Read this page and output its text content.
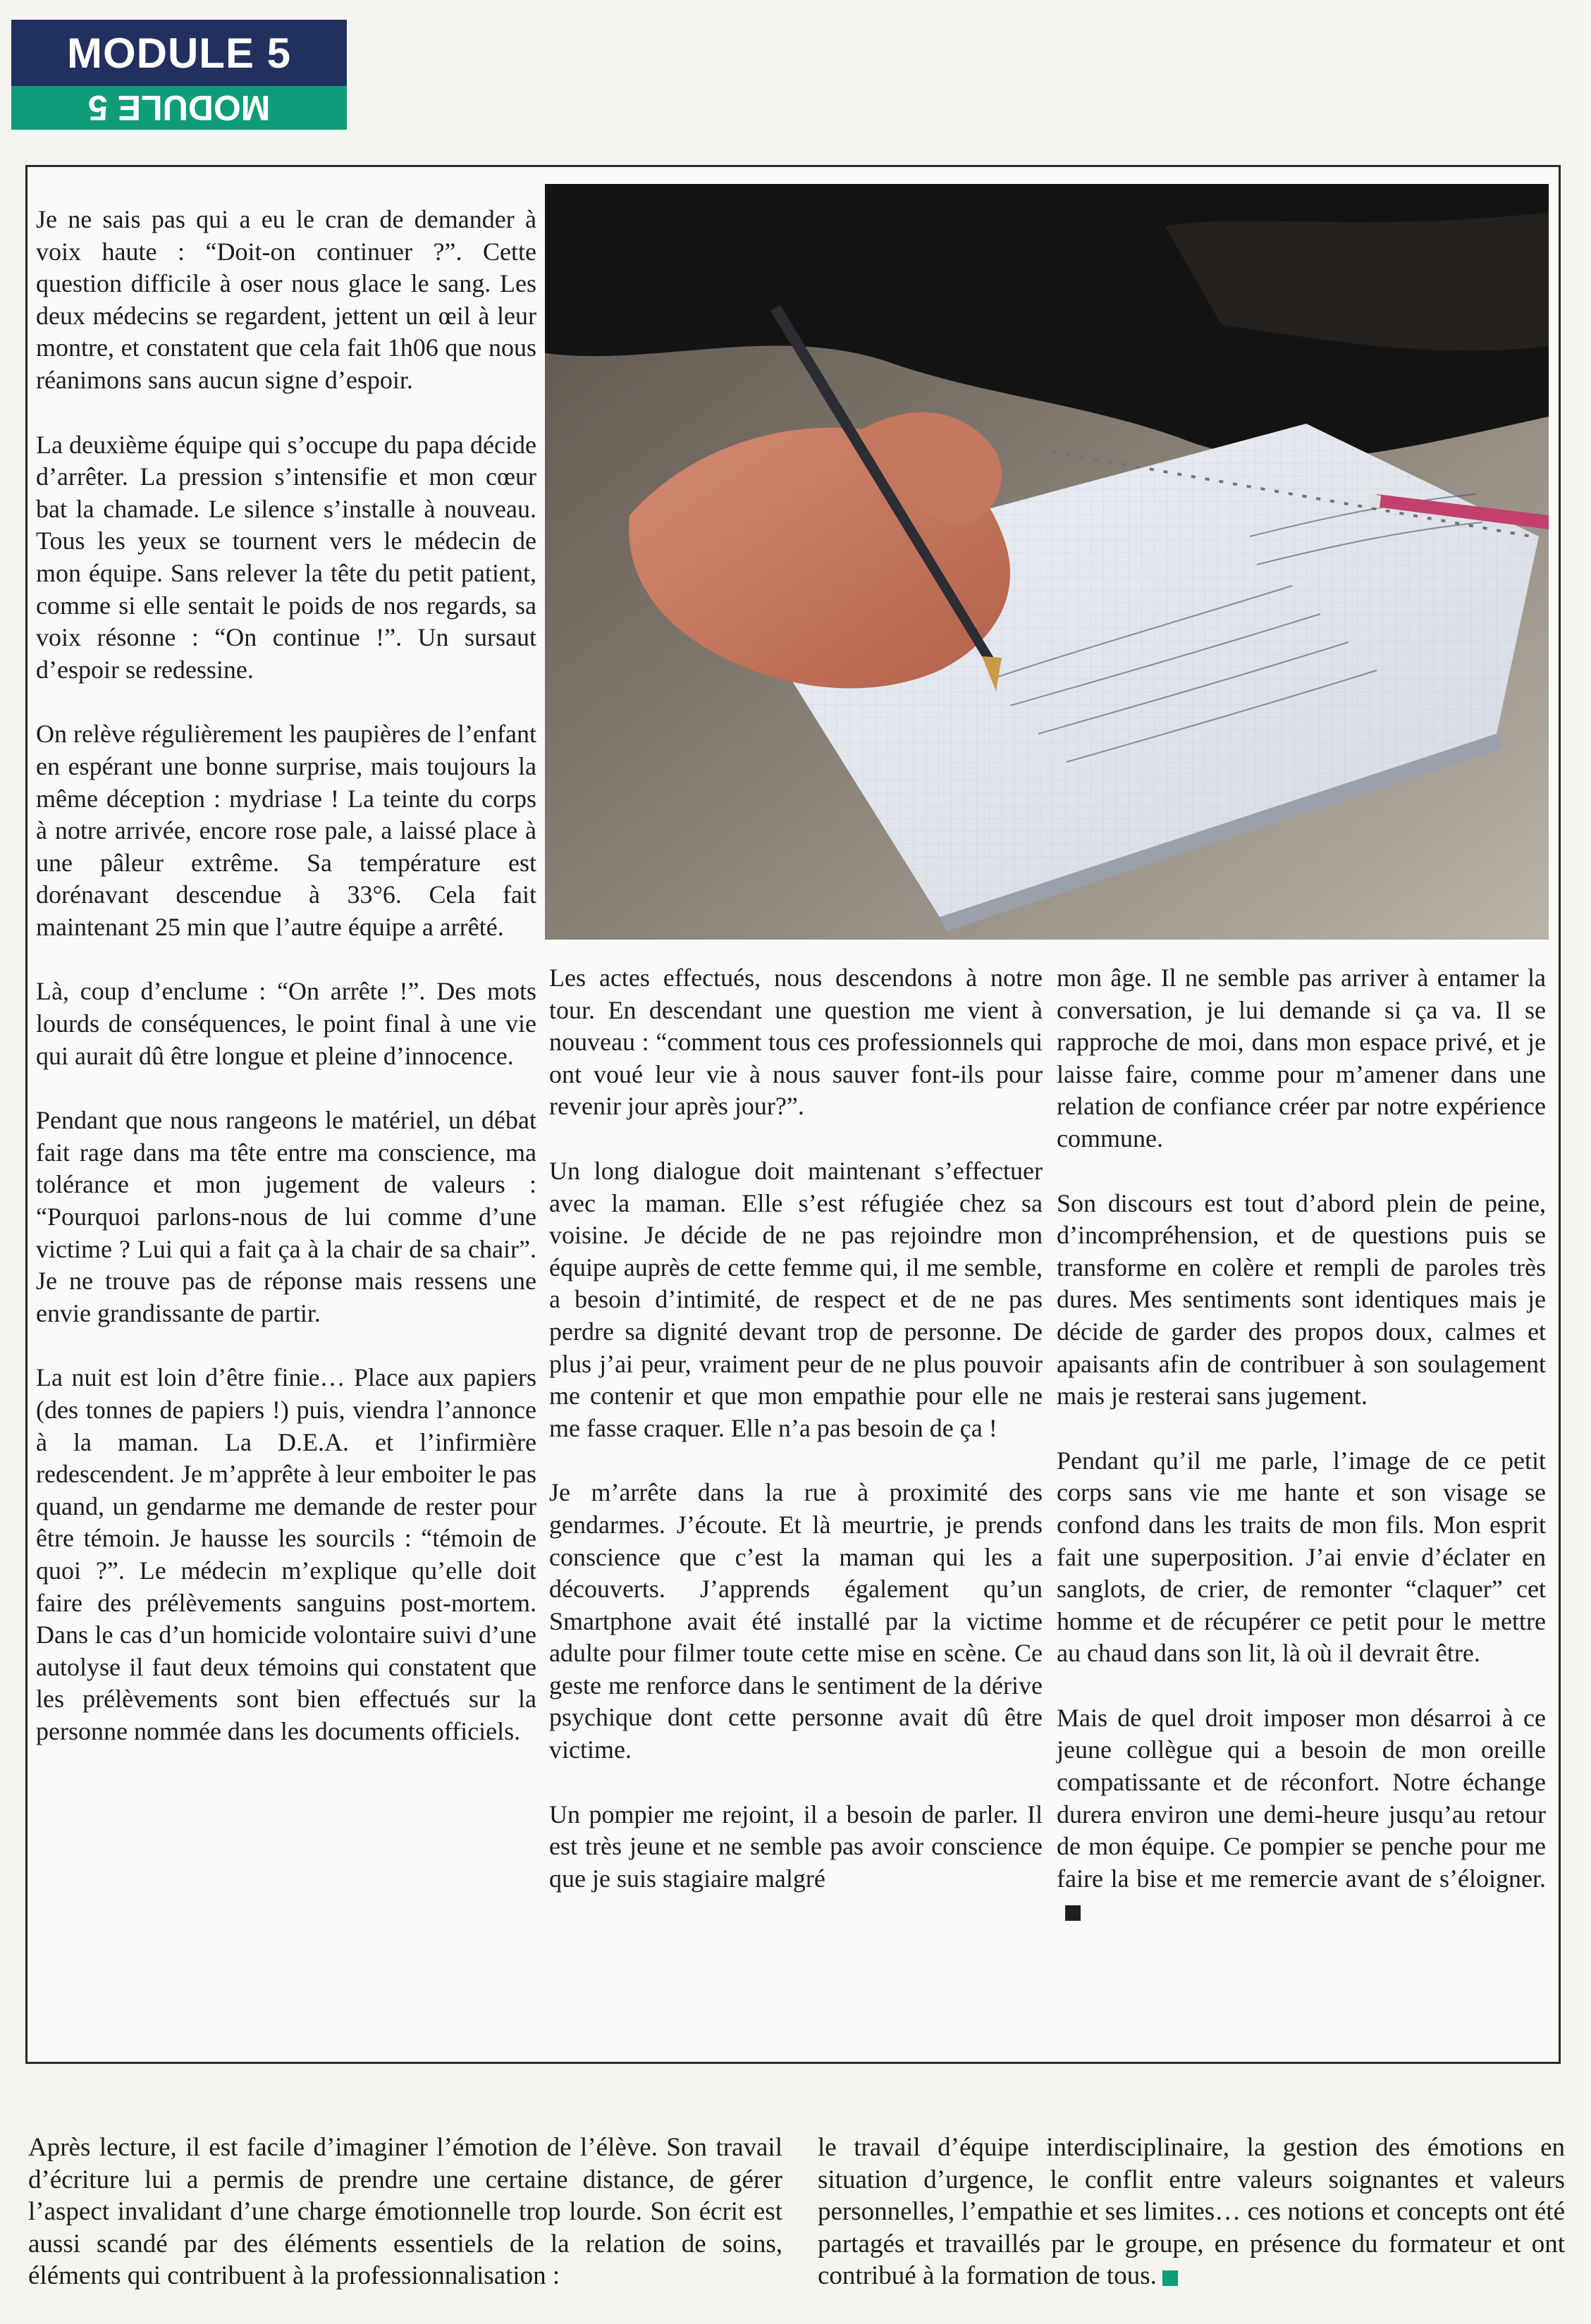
MODULE 5
MODULE 5

Je ne sais pas qui a eu le cran de demander à voix haute : “Doit-on continuer ?”. Cette question difficile à oser nous glace le sang. Les deux médecins se regardent, jettent un œil à leur montre, et constatent que cela fait 1h06 que nous réanimons sans aucun signe d’espoir.

La deuxième équipe qui s’occupe du papa décide d’arrêter. La pression s’intensifie et mon cœur bat la chamade. Le silence s’installe à nouveau. Tous les yeux se tournent vers le médecin de mon équipe. Sans relever la tête du petit patient, comme si elle sentait le poids de nos regards, sa voix résonne : “On continue !”. Un sursaut d’espoir se redessine.

On relève régulièrement les paupières de l’enfant en espérant une bonne surprise, mais toujours la même déception : mydriase ! La teinte du corps à notre arrivée, encore rose pale, a laissé place à une pâleur extrême. Sa température est dorénavant descendue à 33°6. Cela fait maintenant 25 min que l’autre équipe a arrêté.

Là, coup d’enclume : “On arrête !”. Des mots lourds de conséquences, le point final à une vie qui aurait dû être longue et pleine d’innocence.

Pendant que nous rangeons le matériel, un débat fait rage dans ma tête entre ma conscience, ma tolérance et mon jugement de valeurs : “Pourquoi parlons-nous de lui comme d’une victime ? Lui qui a fait ça à la chair de sa chair”. Je ne trouve pas de réponse mais ressens une envie grandissante de partir.

La nuit est loin d’être finie… Place aux papiers (des tonnes de papiers !) puis, viendra l’annonce à la maman. La D.E.A. et l’infirmière redescendent. Je m’apprête à leur emboiter le pas quand, un gendarme me demande de rester pour être témoin. Je hausse les sourcils : “témoin de quoi ?”. Le médecin m’explique qu’elle doit faire des prélèvements sanguins post-mortem. Dans le cas d’un homicide volontaire suivi d’une autolyse il faut deux témoins qui constatent que les prélèvements sont bien effectués sur la personne nommée dans les documents officiels.

Les actes effectués, nous descendons à notre tour. En descendant une question me vient à nouveau : “comment tous ces professionnels qui ont voué leur vie à nous sauver font-ils pour revenir jour après jour?”.

Un long dialogue doit maintenant s’effectuer avec la maman. Elle s’est réfugiée chez sa voisine. Je décide de ne pas rejoindre mon équipe auprès de cette femme qui, il me semble, a besoin d’intimité, de respect et de ne pas perdre sa dignité devant trop de personne. De plus j’ai peur, vraiment peur de ne plus pouvoir me contenir et que mon empathie pour elle ne me fasse craquer. Elle n’a pas besoin de ça !

Je m’arrête dans la rue à proximité des gendarmes. J’écoute. Et là meurtrie, je prends conscience que c’est la maman qui les a découverts. J’apprends également qu’un Smartphone avait été installé par la victime adulte pour filmer toute cette mise en scène. Ce geste me renforce dans le sentiment de la dérive psychique dont cette personne avait dû être victime.

Un pompier me rejoint, il a besoin de parler. Il est très jeune et ne semble pas avoir conscience que je suis stagiaire malgré

mon âge. Il ne semble pas arriver à entamer la conversation, je lui demande si ça va. Il se rapproche de moi, dans mon espace privé, et je laisse faire, comme pour m’amener dans une relation de confiance créer par notre expérience commune.

Son discours est tout d’abord plein de peine, d’incompréhension, et de questions puis se transforme en colère et rempli de paroles très dures. Mes sentiments sont identiques mais je décide de garder des propos doux, calmes et apaisants afin de contribuer à son soulagement mais je resterai sans jugement.

Pendant qu’il me parle, l’image de ce petit corps sans vie me hante et son visage se confond dans les traits de mon fils. Mon esprit fait une superposition. J’ai envie d’éclater en sanglots, de crier, de remonter “claquer” cet homme et de récupérer ce petit pour le mettre au chaud dans son lit, là où il devrait être.

Mais de quel droit imposer mon désarroi à ce jeune collègue qui a besoin de mon oreille compatissante et de réconfort. Notre échange durera environ une demi-heure jusqu’au retour de mon équipe. Ce pompier se penche pour me faire la bise et me remercie avant de s’éloigner.

Après lecture, il est facile d’imaginer l’émotion de l’élève. Son travail d’écriture lui a permis de prendre une certaine distance, de gérer l’aspect invalidant d’une charge émotionnelle trop lourde. Son écrit est aussi scandé par des éléments essentiels de la relation de soins, éléments qui contribuent à la professionnalisation :

le travail d’équipe interdisciplinaire, la gestion des émotions en situation d’urgence, le conflit entre valeurs soignantes et valeurs personnelles, l’empathie et ses limites… ces notions et concepts ont été partagés et travaillés par le groupe, en présence du formateur et ont contribué à la formation de tous.
